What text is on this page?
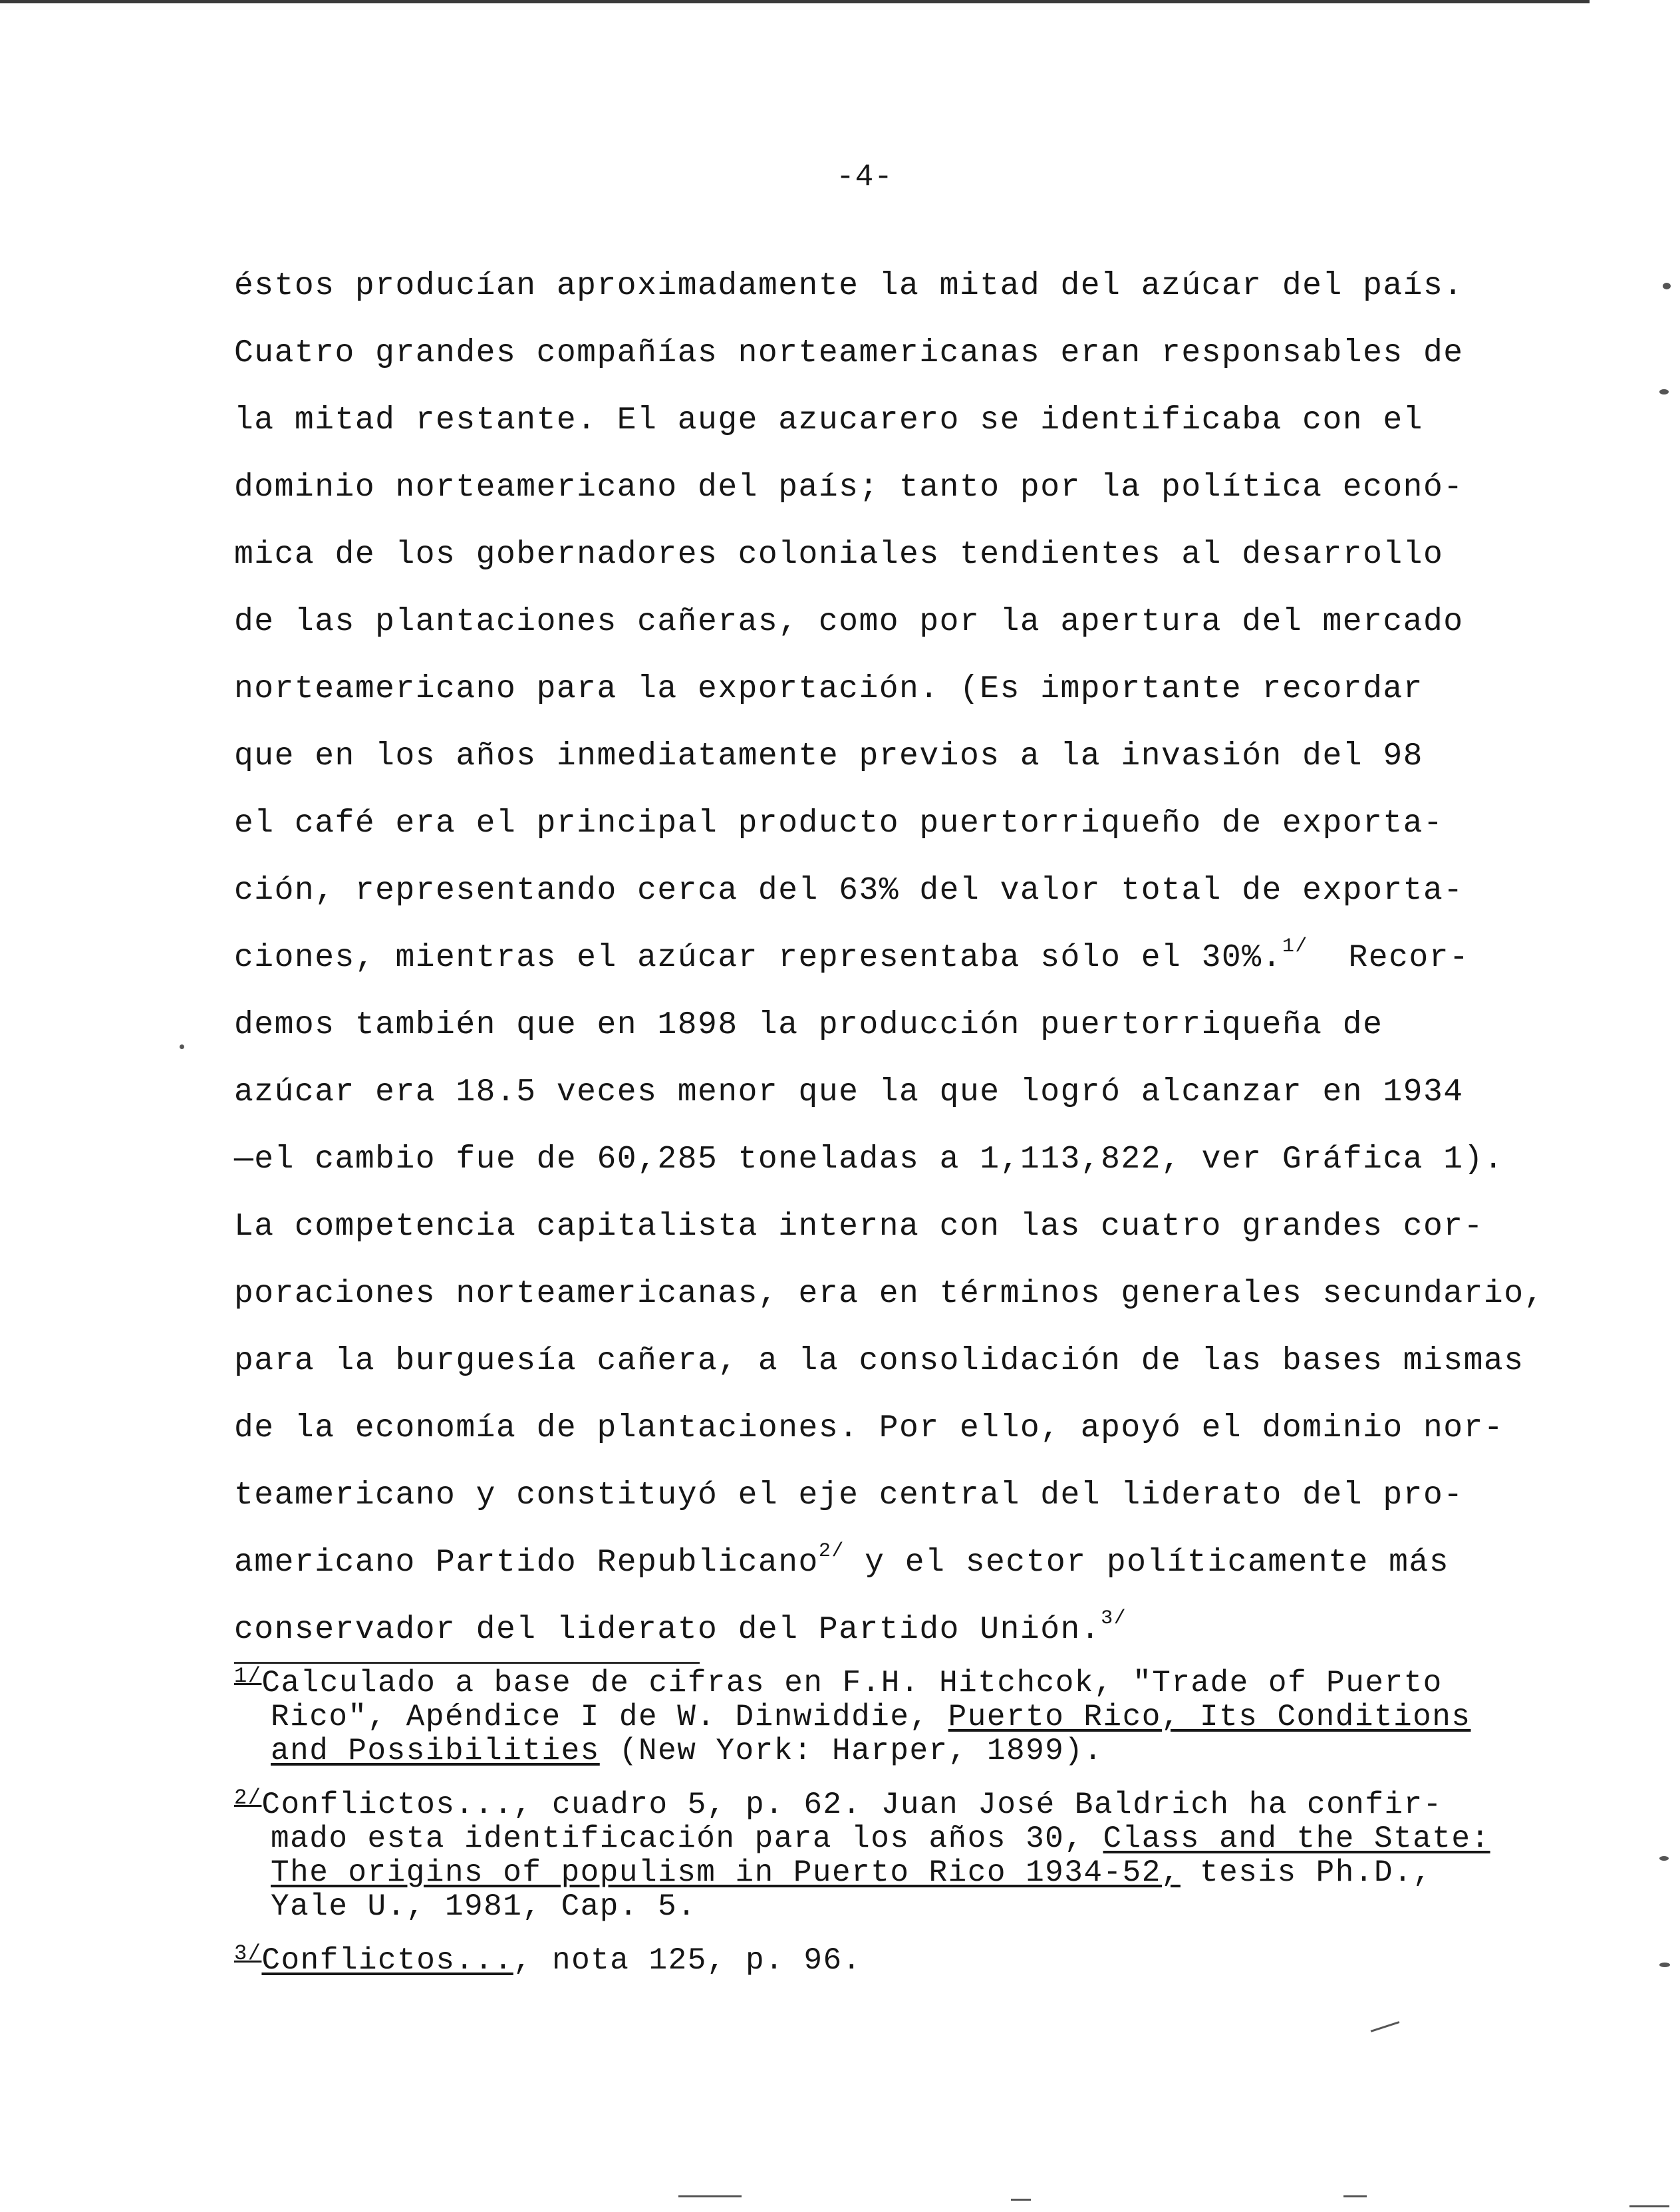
-4-
éstos producían aproximadamente la mitad del azúcar del país.
Cuatro grandes compañías norteamericanas eran responsables de
la mitad restante. El auge azucarero se identificaba con el
dominio norteamericano del país; tanto por la política econó-
mica de los gobernadores coloniales tendientes al desarrollo
de las plantaciones cañeras, como por la apertura del mercado
norteamericano para la exportación. (Es importante recordar
que en los años inmediatamente previos a la invasión del 98
el café era el principal producto puertorriqueño de exporta-
ción, representando cerca del 63% del valor total de exporta-
ciones, mientras el azúcar representaba sólo el 30%.$^{1/}$  Recor-
demos también que en 1898 la producción puertorriqueña de
azúcar era 18.5 veces menor que la que logró alcanzar en 1934
—el cambio fue de 60,285 toneladas a 1,113,822, ver Gráfica 1).
La competencia capitalista interna con las cuatro grandes cor-
poraciones norteamericanas, era en términos generales secundario,
para la burguesía cañera, a la consolidación de las bases mismas
de la economía de plantaciones. Por ello, apoyó el dominio nor-
teamericano y constituyó el eje central del liderato del pro-
americano Partido Republicano$^{2/}$ y el sector políticamente más
conservador del liderato del Partido Unión.$^{3/}$
$^{1/}$Calculado a base de cifras en F.H. Hitchcok, "Trade of Puerto
Rico", Apéndice I de W. Dinwiddie, Puerto Rico, Its Conditions
and Possibilities (New York: Harper, 1899).
$^{2/}$Conflictos..., cuadro 5, p. 62. Juan José Baldrich ha confir-
mado esta identificación para los años 30, Class and the State:
The origins of populism in Puerto Rico 1934-52, tesis Ph.D.,
Yale U., 1981, Cap. 5.
$^{3/}$Conflictos..., nota 125, p. 96.
